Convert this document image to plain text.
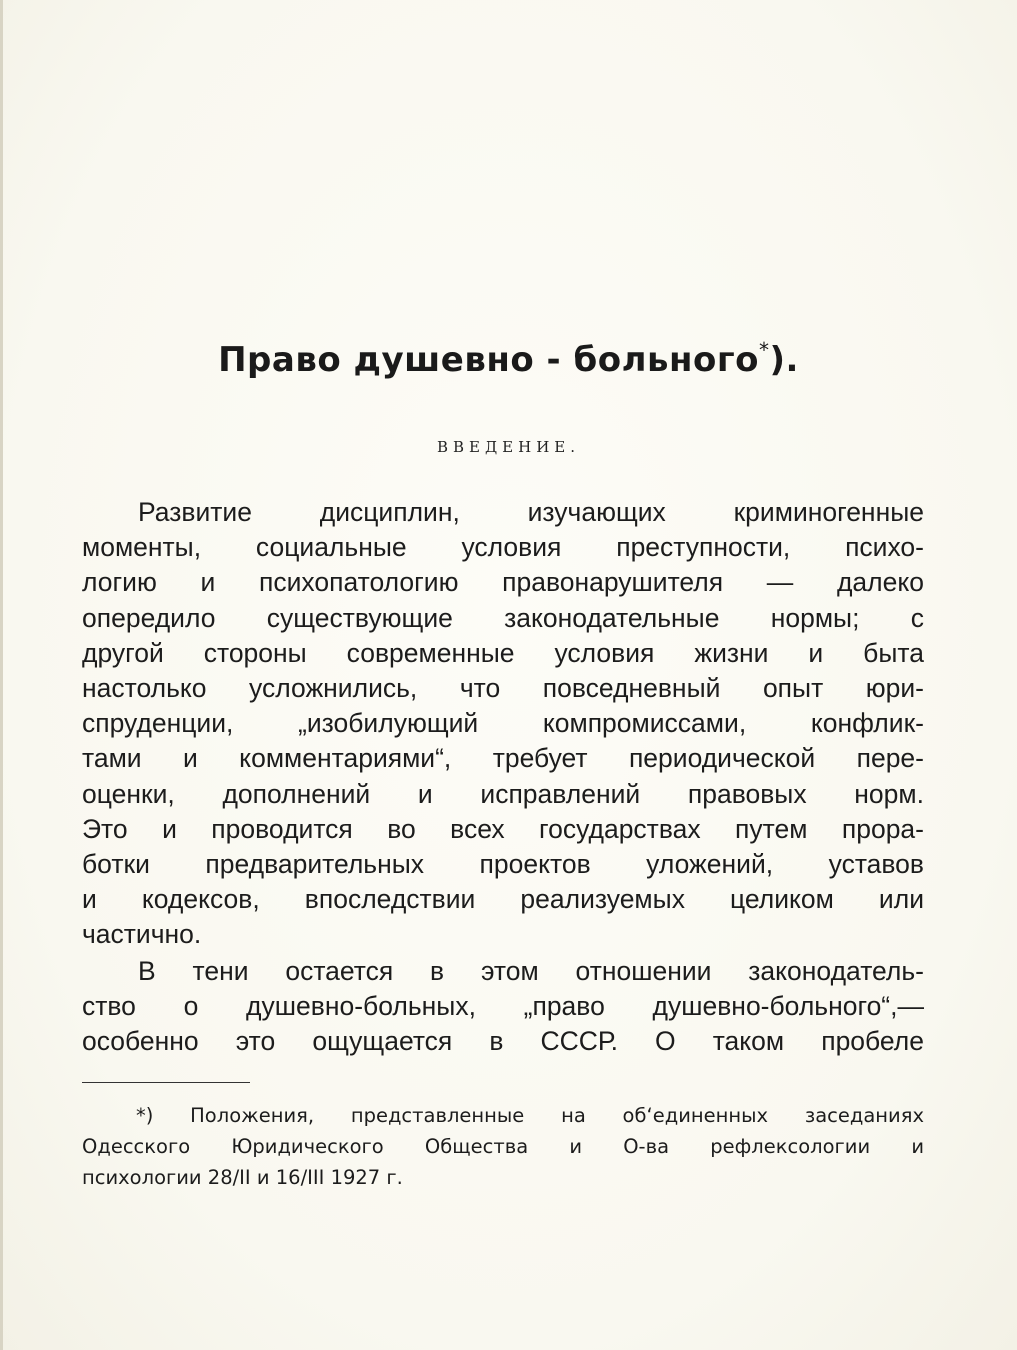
Право душевно - больного*).
ВВЕДЕНИЕ.
Развитие дисциплин, изучающих криминогенные
моменты, социальные условия преступности, психо-
логию и психопатологию правонарушителя — далеко
опередило существующие законодательные нормы; с
другой стороны современные условия жизни и быта
настолько усложнились, что повседневный опыт юри-
спруденции, „изобилующий компромиссами, конфлик-
тами и комментариями“, требует периодической пере-
оценки, дополнений и исправлений правовых норм.
Это и проводится во всех государствах путем прора-
ботки предварительных проектов уложений, уставов
и кодексов, впоследствии реализуемых целиком или
частично.
В тени остается в этом отношении законодатель-
ство о душевно-больных, „право душевно-больного“,—
особенно это ощущается в СССР. О таком пробеле
*) Положения, представленные на об‘единенных заседаниях
Одесского Юридического Общества и О-ва рефлексологии и
психологии 28/II и 16/III 1927 г.
